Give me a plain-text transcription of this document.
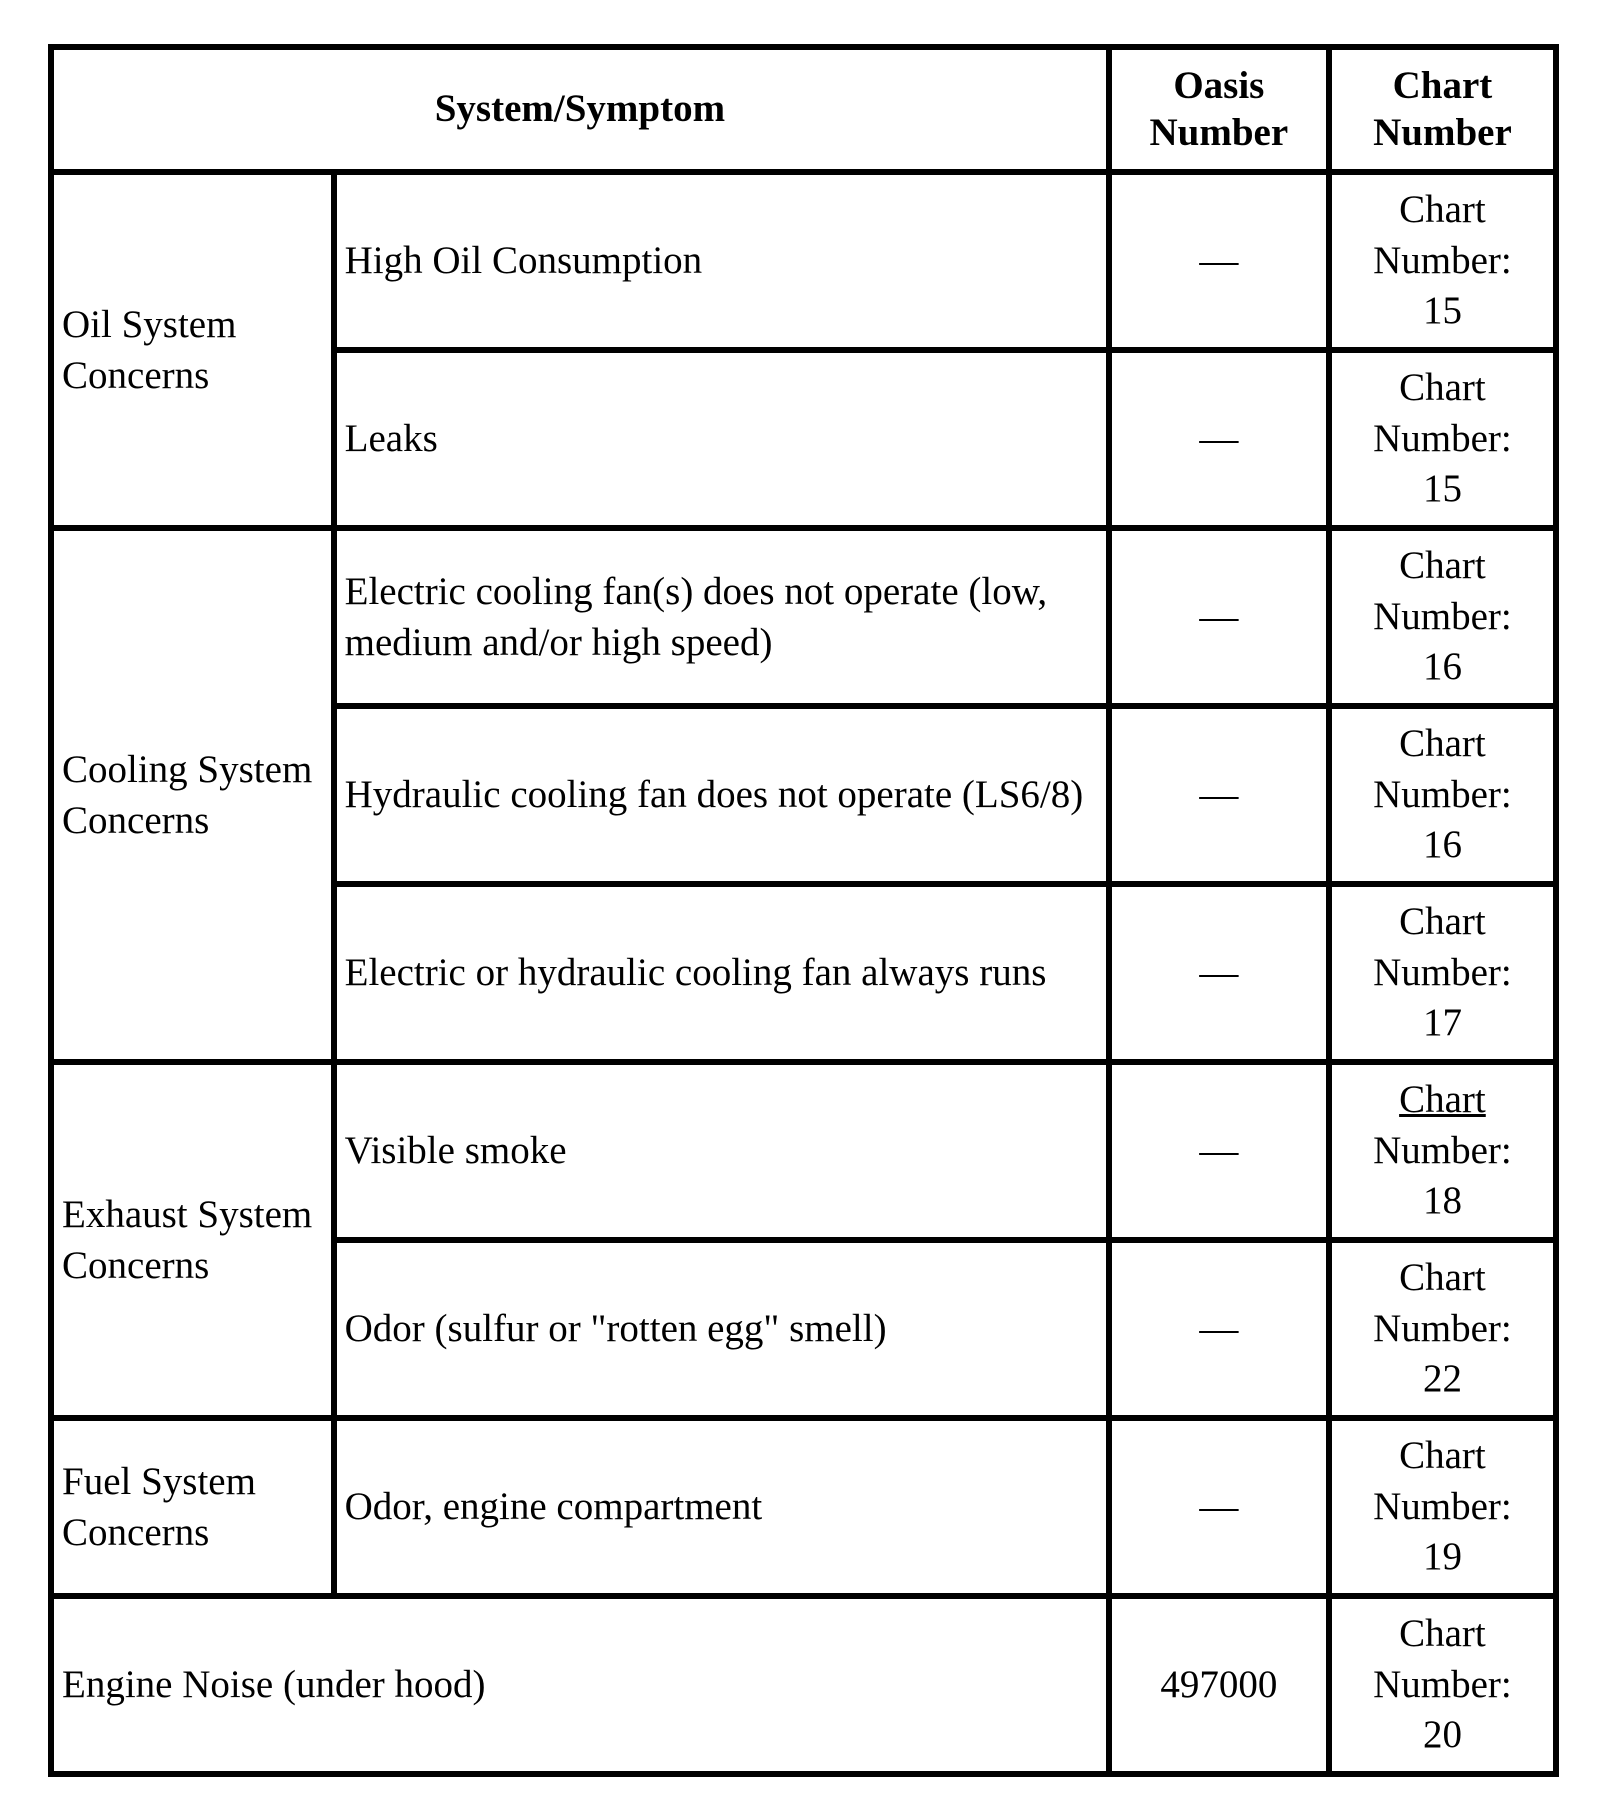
System/Symptom		Oasis Number	Chart Number
Oil System Concerns	High Oil Consumption	—	Chart
Number:
15
	Leaks	—	Chart
Number:
15
Cooling System Concerns	Electric cooling fan(s) does not operate (low, medium and/or high speed)	—	Chart
Number:
16
	Hydraulic cooling fan does not operate (LS6/8)	—	Chart
Number:
16
	Electric or hydraulic cooling fan always runs	—	Chart
Number:
17
Exhaust System Concerns	Visible smoke	—	Chart
Number:
18
	Odor (sulfur or "rotten egg" smell)	—	Chart
Number:
22
Fuel System Concerns	Odor, engine compartment	—	Chart
Number:
19
Engine Noise (under hood)		497000	Chart
Number:
20
